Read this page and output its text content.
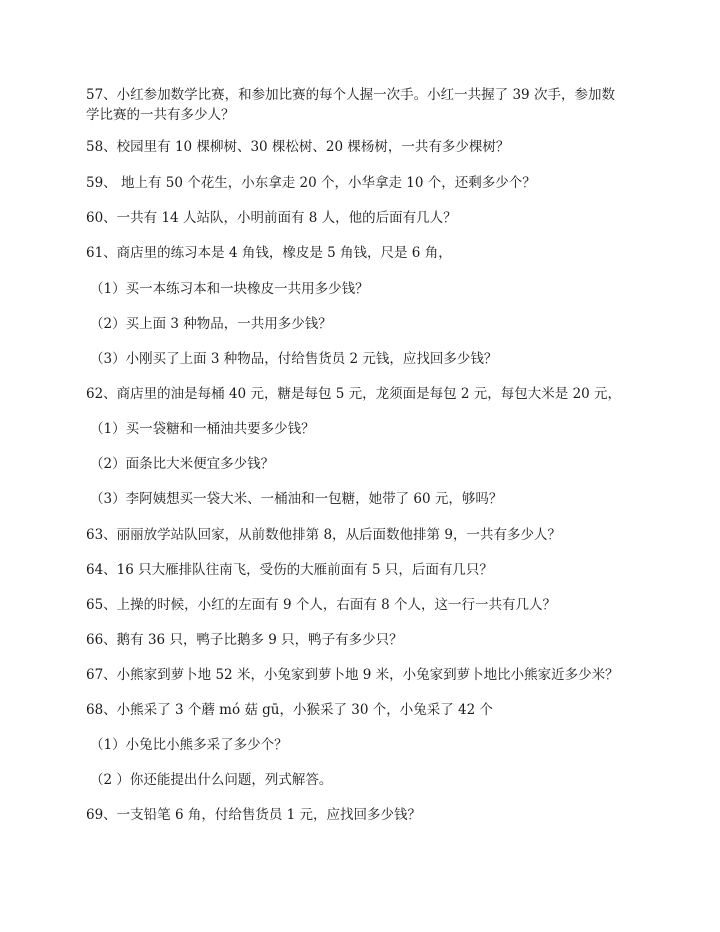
57、小红参加数学比赛，和参加比赛的每个人握一次手。小红一共握了 39 次手，参加数
学比赛的一共有多少人？
58、校园里有 10 棵柳树、30 棵松树、20 棵杨树，一共有多少棵树？
59、 地上有 50 个花生，小东拿走 20 个，小华拿走 10 个，还剩多少个？
60、一共有 14 人站队，小明前面有 8 人，他的后面有几人？
61、商店里的练习本是 4 角钱，橡皮是 5 角钱，尺是 6 角，
（1）买一本练习本和一块橡皮一共用多少钱？
（2）买上面 3 种物品，一共用多少钱？
（3）小刚买了上面 3 种物品，付给售货员 2 元钱，应找回多少钱？
62、商店里的油是每桶 40 元，糖是每包 5 元，龙须面是每包 2 元，每包大米是 20 元，
（1）买一袋糖和一桶油共要多少钱？
（2）面条比大米便宜多少钱？
（3）李阿姨想买一袋大米、一桶油和一包糖，她带了 60 元，够吗？
63、丽丽放学站队回家，从前数他排第 8，从后面数他排第 9，一共有多少人？
64、16 只大雁排队往南飞，受伤的大雁前面有 5 只，后面有几只？
65、上操的时候，小红的左面有 9 个人，右面有 8 个人，这一行一共有几人？
66、鹅有 36 只，鸭子比鹅多 9 只，鸭子有多少只？
67、小熊家到萝卜地 52 米，小兔家到萝卜地 9 米，小兔家到萝卜地比小熊家近多少米？
68、小熊采了 3 个蘑 mó 菇 gū，小猴采了 30 个，小兔采了 42 个
（1）小兔比小熊多采了多少个？
（2 ）你还能提出什么问题，列式解答。
69、一支铅笔 6 角，付给售货员 1 元，应找回多少钱？
